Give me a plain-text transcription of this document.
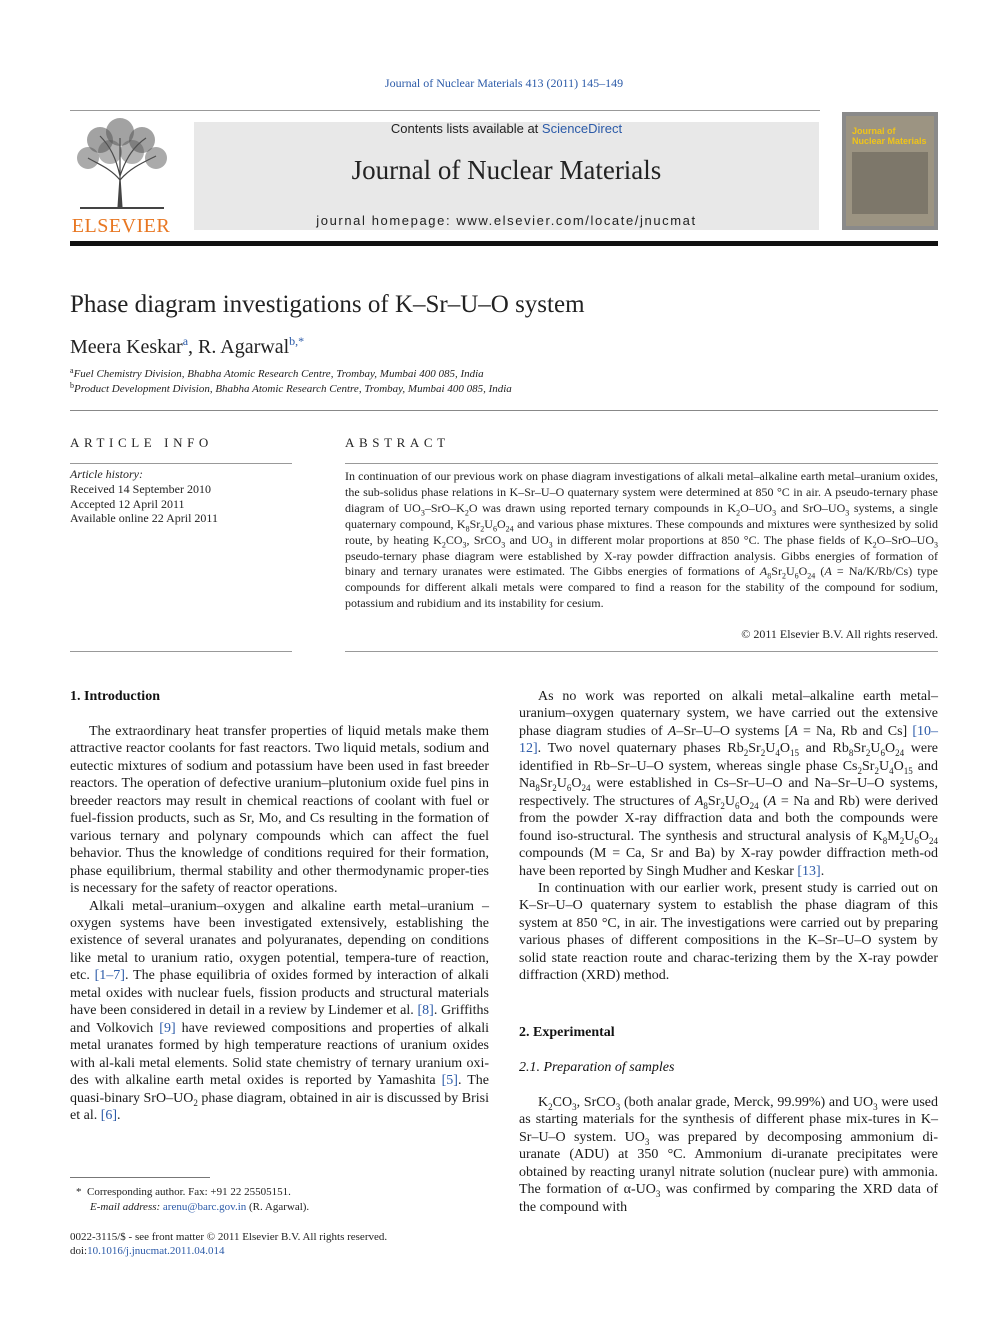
Journal of Nuclear Materials 413 (2011) 145–149
ELSEVIER
Contents lists available at ScienceDirect
Journal of Nuclear Materials
journal homepage: www.elsevier.com/locate/jnucmat
Journal of Nuclear Materials
Phase diagram investigations of K–Sr–U–O system
Meera Keskar$^a$, R. Agarwal$^{b,*}$
$^a$Fuel Chemistry Division, Bhabha Atomic Research Centre, Trombay, Mumbai 400 085, India
$^b$Product Development Division, Bhabha Atomic Research Centre, Trombay, Mumbai 400 085, India
ARTICLE INFO
Article history:
Received 14 September 2010
Accepted 12 April 2011
Available online 22 April 2011
ABSTRACT
In continuation of our previous work on phase diagram investigations of alkali metal–alkaline earth metal–uranium oxides, the sub-solidus phase relations in K–Sr–U–O quaternary system were determined at 850 °C in air. A pseudo-ternary phase diagram of $UO_3-SrO-K_2O$ was drawn using reported ternary compounds in $K_2O-UO_3$ and SrO–$UO_3$ systems, a single quaternary compound, $K_8Sr_2U_6O_{24}$ and various phase mixtures. These compounds and mixtures were synthesized by solid route, by heating $K_2CO_3$, SrCO$_3$ and $UO_3$ in different molar proportions at 850 °C. The phase fields of $K_2O-SrO-UO_3$ pseudo-ternary phase diagram were established by X-ray powder diffraction analysis. Gibbs energies of formation of binary and ternary uranates were estimated. The Gibbs energies of formations of $A_8Sr_2U_6O_{24}$ (A = Na/K/Rb/Cs) type compounds for different alkali metals were compared to find a reason for the stability of the compound for sodium, potassium and rubidium and its instability for cesium.
© 2011 Elsevier B.V. All rights reserved.
1. Introduction
The extraordinary heat transfer properties of liquid metals make them attractive reactor coolants for fast reactors. Two liquid metals, sodium and eutectic mixtures of sodium and potassium have been used in fast breeder reactors. The operation of defective uranium–plutonium oxide fuel pins in breeder reactors may result in chemical reactions of coolant with fuel or fuel-fission products, such as Sr, Mo, and Cs resulting in the formation of various ternary and polynary compounds which can affect the fuel behavior. Thus the knowledge of conditions required for their formation, phase equilibrium, thermal stability and other thermodynamic proper-ties is necessary for the safety of reactor operations.
Alkali metal–uranium–oxygen and alkaline earth metal–uranium –oxygen systems have been investigated extensively, establishing the existence of several uranates and polyuranates, depending on conditions like metal to uranium ratio, oxygen potential, tempera-ture of reaction, etc. [1–7]. The phase equilibria of oxides formed by interaction of alkali metal oxides with nuclear fuels, fission products and structural materials have been considered in detail in a review by Lindemer et al. [8]. Griffiths and Volkovich [9] have reviewed compositions and properties of alkali metal uranates formed by high temperature reactions of uranium oxides with al-kali metal elements. Solid state chemistry of ternary uranium oxi-des with alkaline earth metal oxides is reported by Yamashita [5]. The quasi-binary SrO–$UO_2$ phase diagram, obtained in air is discussed by Brisi et al. [6].
*  Corresponding author. Fax: +91 22 25505151.
E-mail address: arenu@barc.gov.in (R. Agarwal).
0022-3115/$ - see front matter © 2011 Elsevier B.V. All rights reserved.
doi:10.1016/j.jnucmat.2011.04.014
As no work was reported on alkali metal–alkaline earth metal–uranium–oxygen quaternary system, we have carried out the extensive phase diagram studies of A–Sr–U–O systems [A = Na, Rb and Cs] [10–12]. Two novel quaternary phases $Rb_2Sr_2U_4O_{15}$ and $Rb_8Sr_2U_6O_{24}$ were identified in Rb–Sr–U–O system, whereas single phase $Cs_2Sr_2U_4O_{15}$ and $Na_8Sr_2U_6O_{24}$ were established in Cs–Sr–U–O and Na–Sr–U–O systems, respectively. The structures of $A_8Sr_2U_6O_{24}$ (A = Na and Rb) were derived from the powder X-ray diffraction data and both the compounds were found iso-structural. The synthesis and structural analysis of $K_8M_2U_6O_{24}$ compounds (M = Ca, Sr and Ba) by X-ray powder diffraction meth-od have been reported by Singh Mudher and Keskar [13].
In continuation with our earlier work, present study is carried out on K–Sr–U–O quaternary system to establish the phase diagram of this system at 850 °C, in air. The investigations were carried out by preparing various phases of different compositions in the K–Sr–U–O system by solid state reaction route and charac-terizing them by the X-ray powder diffraction (XRD) method.
2. Experimental
2.1. Preparation of samples
$K_2CO_3$, SrCO$_3$ (both analar grade, Merck, 99.99%) and $UO_3$ were used as starting materials for the synthesis of different phase mix-tures in K–Sr–U–O system. $UO_3$ was prepared by decomposing ammonium di-uranate (ADU) at 350 °C. Ammonium di-uranate precipitates were obtained by reacting uranyl nitrate solution (nuclear pure) with ammonia. The formation of $\alpha-UO_3$ was confirmed by comparing the XRD data of the compound with
